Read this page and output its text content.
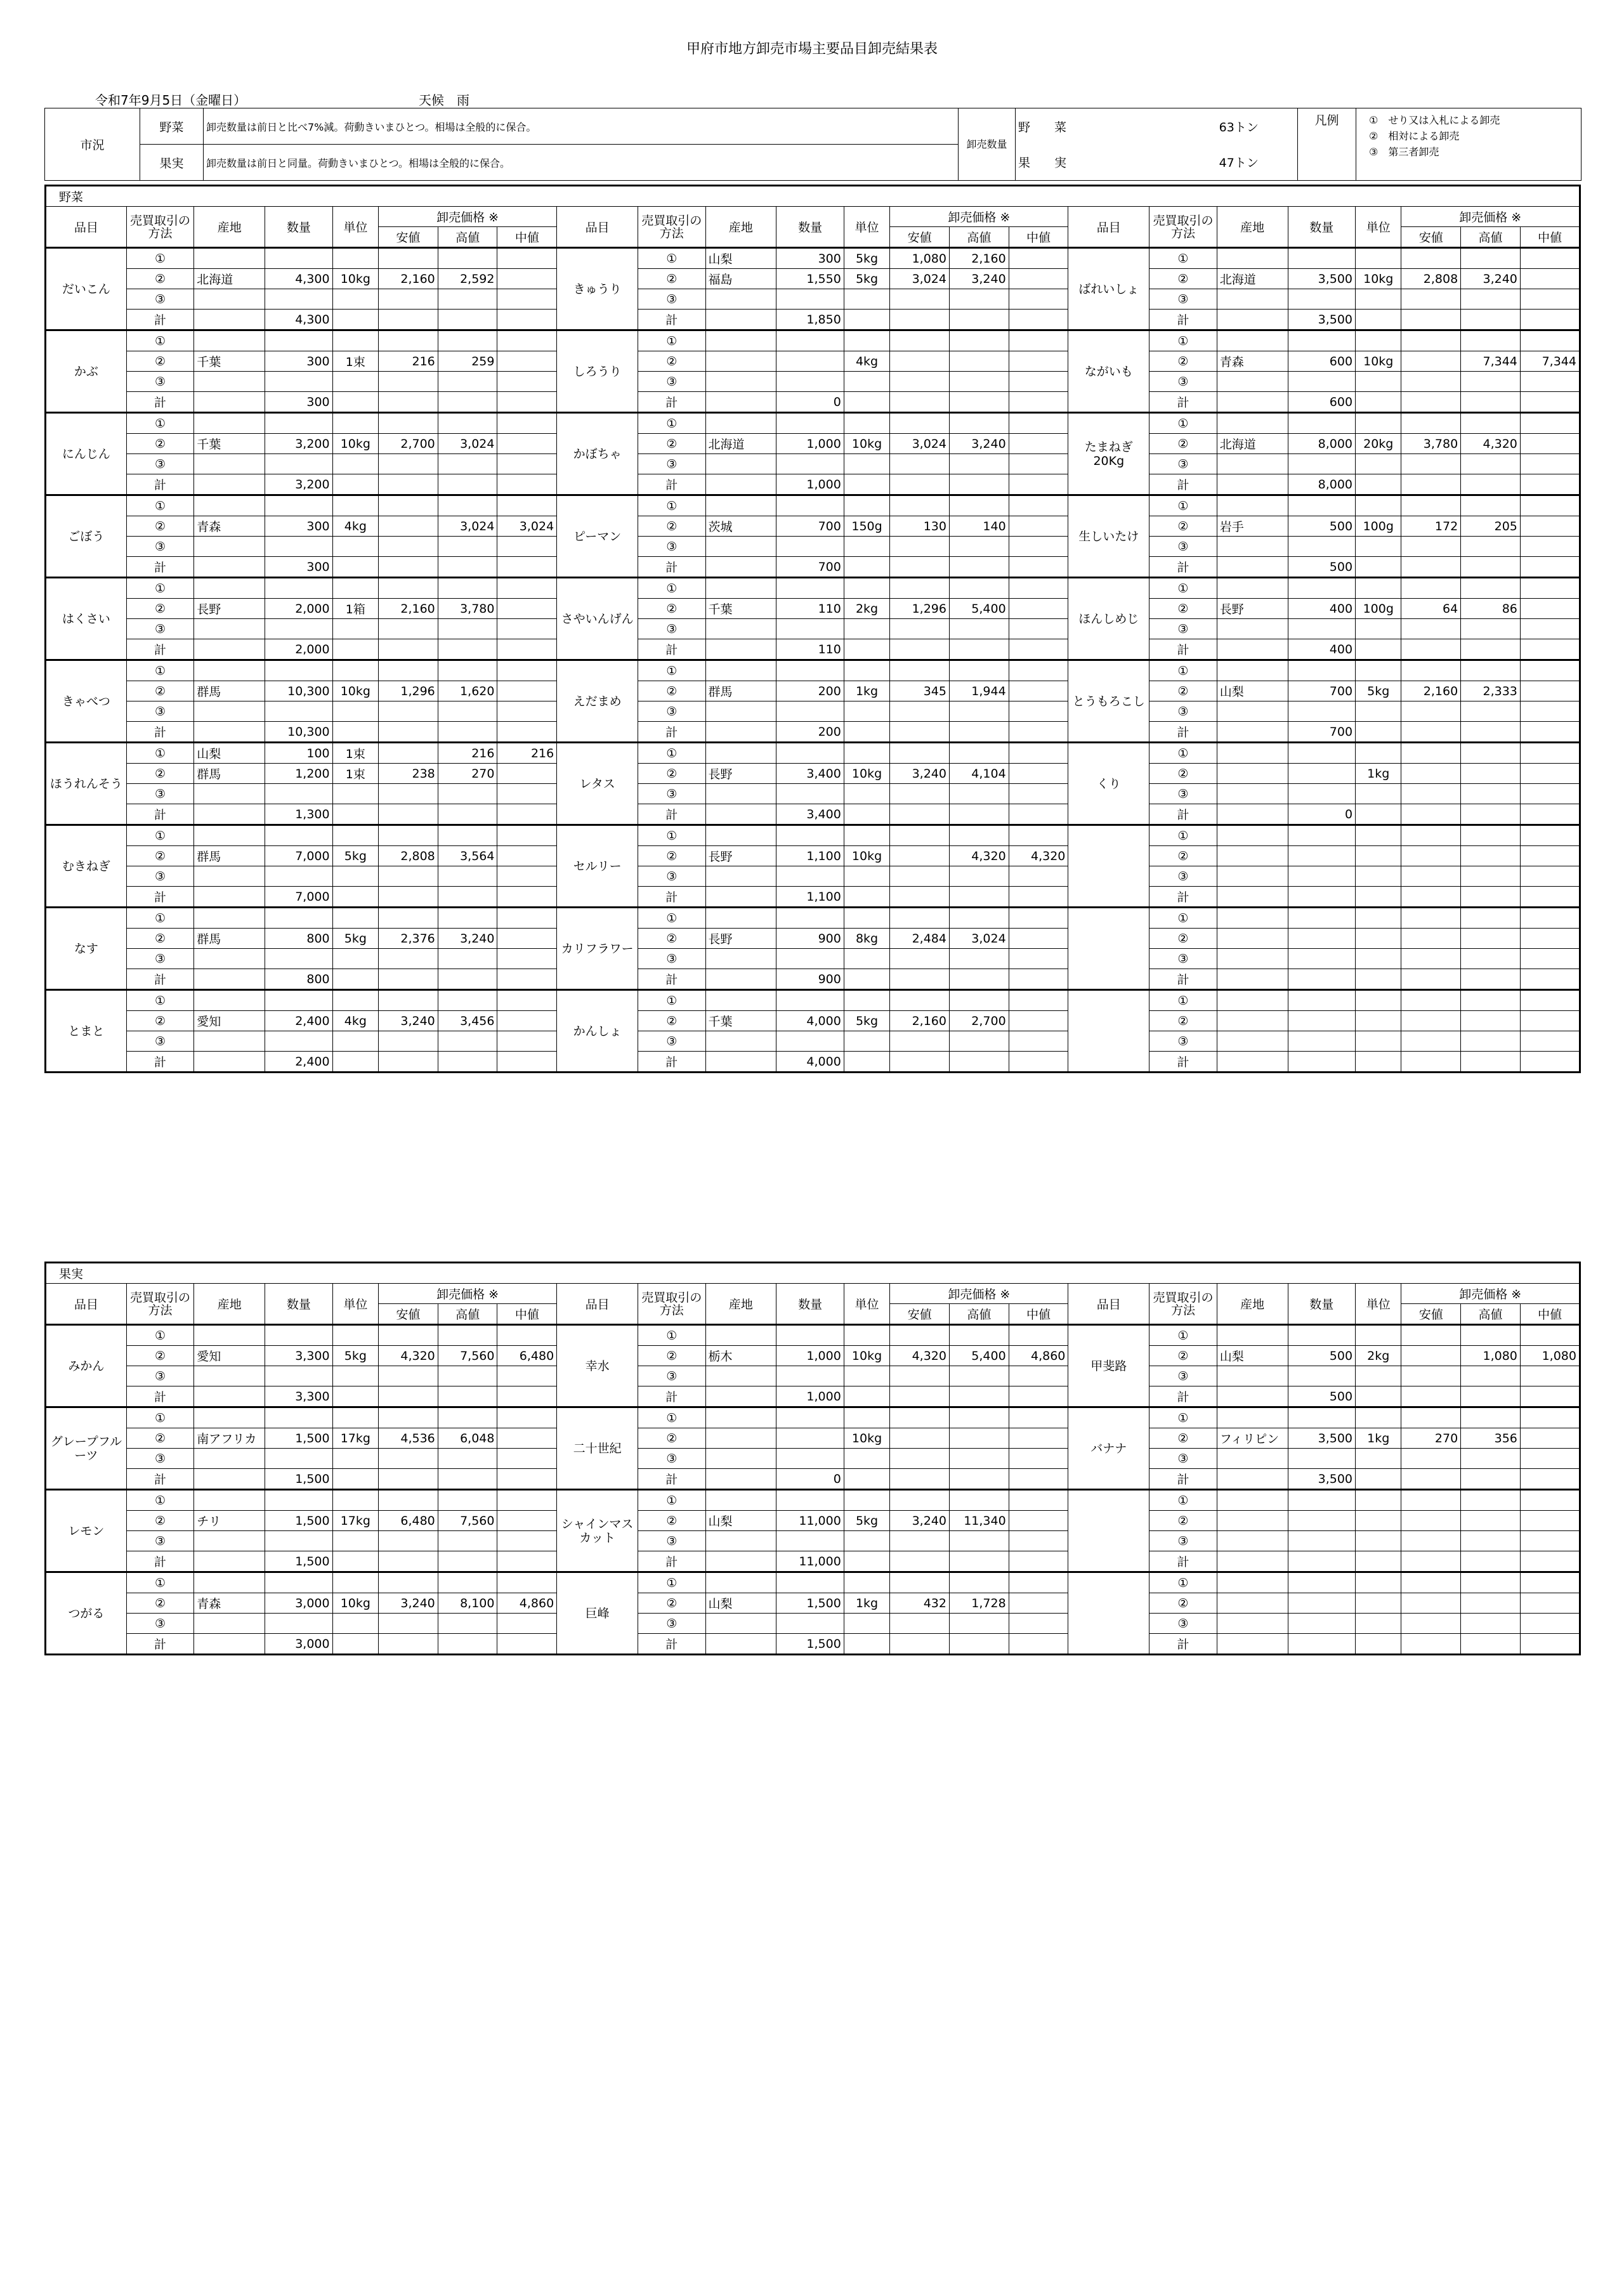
甲府市地方卸売市場主要品目卸売結果表
令和7年9月5日（金曜日）	天候　雨
市況	野菜	卸売数量は前日と比べ7%減。荷動きいまひとつ。相場は全般的に保合。	卸売数量	野　　菜	63トン	凡例	①　せり又は入札による卸売
②　相対による卸売
③　第三者卸売

	果実	卸売数量は前日と同量。荷動きいまひとつ。相場は全般的に保合。		果　　実	47トン		
野菜																							
品目	売買取引の方法	産地	数量	単位	卸売価格 ※			品目	売買取引の方法	産地	数量	単位	卸売価格 ※			品目	売買取引の方法	産地	数量	単位	卸売価格 ※		
					安値	高値	中値						安値	高値	中値						安値	高値	中値
だいこん	①							きゅうり	①	山梨	300	5kg	1,080	2,160		ばれいしょ	①						
	②	北海道	4,300	10kg	2,160	2,592			②	福島	1,550	5kg	3,024	3,240			②	北海道	3,500	10kg	2,808	3,240	
	③								③								③						
	計		4,300						計		1,850						計		3,500				
かぶ	①							しろうり	①							ながいも	①						
	②	千葉	300	1束	216	259			②			4kg					②	青森	600	10kg		7,344	7,344
	③								③								③						
	計		300						計		0						計		600				
にんじん	①							かぼちゃ	①							たまねぎ 20Kg	①						
	②	千葉	3,200	10kg	2,700	3,024			②	北海道	1,000	10kg	3,024	3,240			②	北海道	8,000	20kg	3,780	4,320	
	③								③								③						
	計		3,200						計		1,000						計		8,000				
ごぼう	①							ピーマン	①							生しいたけ	①						
	②	青森	300	4kg		3,024	3,024		②	茨城	700	150g	130	140			②	岩手	500	100g	172	205	
	③								③								③						
	計		300						計		700						計		500				
はくさい	①							さやいんげん	①							ほんしめじ	①						
	②	長野	2,000	1箱	2,160	3,780			②	千葉	110	2kg	1,296	5,400			②	長野	400	100g	64	86	
	③								③								③						
	計		2,000						計		110						計		400				
きゃべつ	①							えだまめ	①							とうもろこし	①						
	②	群馬	10,300	10kg	1,296	1,620			②	群馬	200	1kg	345	1,944			②	山梨	700	5kg	2,160	2,333	
	③								③								③						
	計		10,300						計		200						計		700				
ほうれんそう	①	山梨	100	1束		216	216	レタス	①							くり	①						
	②	群馬	1,200	1束	238	270			②	長野	3,400	10kg	3,240	4,104			②			1kg			
	③								③								③						
	計		1,300						計		3,400						計		0				
むきねぎ	①							セルリー	①								①						
	②	群馬	7,000	5kg	2,808	3,564			②	長野	1,100	10kg		4,320	4,320		②						
	③								③								③						
	計		7,000						計		1,100						計						
なす	①							カリフラワー	①								①						
	②	群馬	800	5kg	2,376	3,240			②	長野	900	8kg	2,484	3,024			②						
	③								③								③						
	計		800						計		900						計						
とまと	①							かんしょ	①								①						
	②	愛知	2,400	4kg	3,240	3,456			②	千葉	4,000	5kg	2,160	2,700			②						
	③								③								③						
	計		2,400						計		4,000						計						
果実																							
品目	売買取引の方法	産地	数量	単位	卸売価格 ※			品目	売買取引の方法	産地	数量	単位	卸売価格 ※			品目	売買取引の方法	産地	数量	単位	卸売価格 ※		
					安値	高値	中値						安値	高値	中値						安値	高値	中値
みかん	①							幸水	①							甲斐路	①						
	②	愛知	3,300	5kg	4,320	7,560	6,480		②	栃木	1,000	10kg	4,320	5,400	4,860		②	山梨	500	2kg		1,080	1,080
	③								③								③						
	計		3,300						計		1,000						計		500				
グレープフルーツ	①							二十世紀	①							バナナ	①						
	②	南アフリカ	1,500	17kg	4,536	6,048			②			10kg					②	フィリピン	3,500	1kg	270	356	
	③								③								③						
	計		1,500						計		0						計		3,500				
レモン	①							シャインマスカット	①								①						
	②	チリ	1,500	17kg	6,480	7,560			②	山梨	11,000	5kg	3,240	11,340			②						
	③								③								③						
	計		1,500						計		11,000						計						
つがる	①							巨峰	①								①						
	②	青森	3,000	10kg	3,240	8,100	4,860		②	山梨	1,500	1kg	432	1,728			②						
	③								③								③						
	計		3,000						計		1,500						計						
